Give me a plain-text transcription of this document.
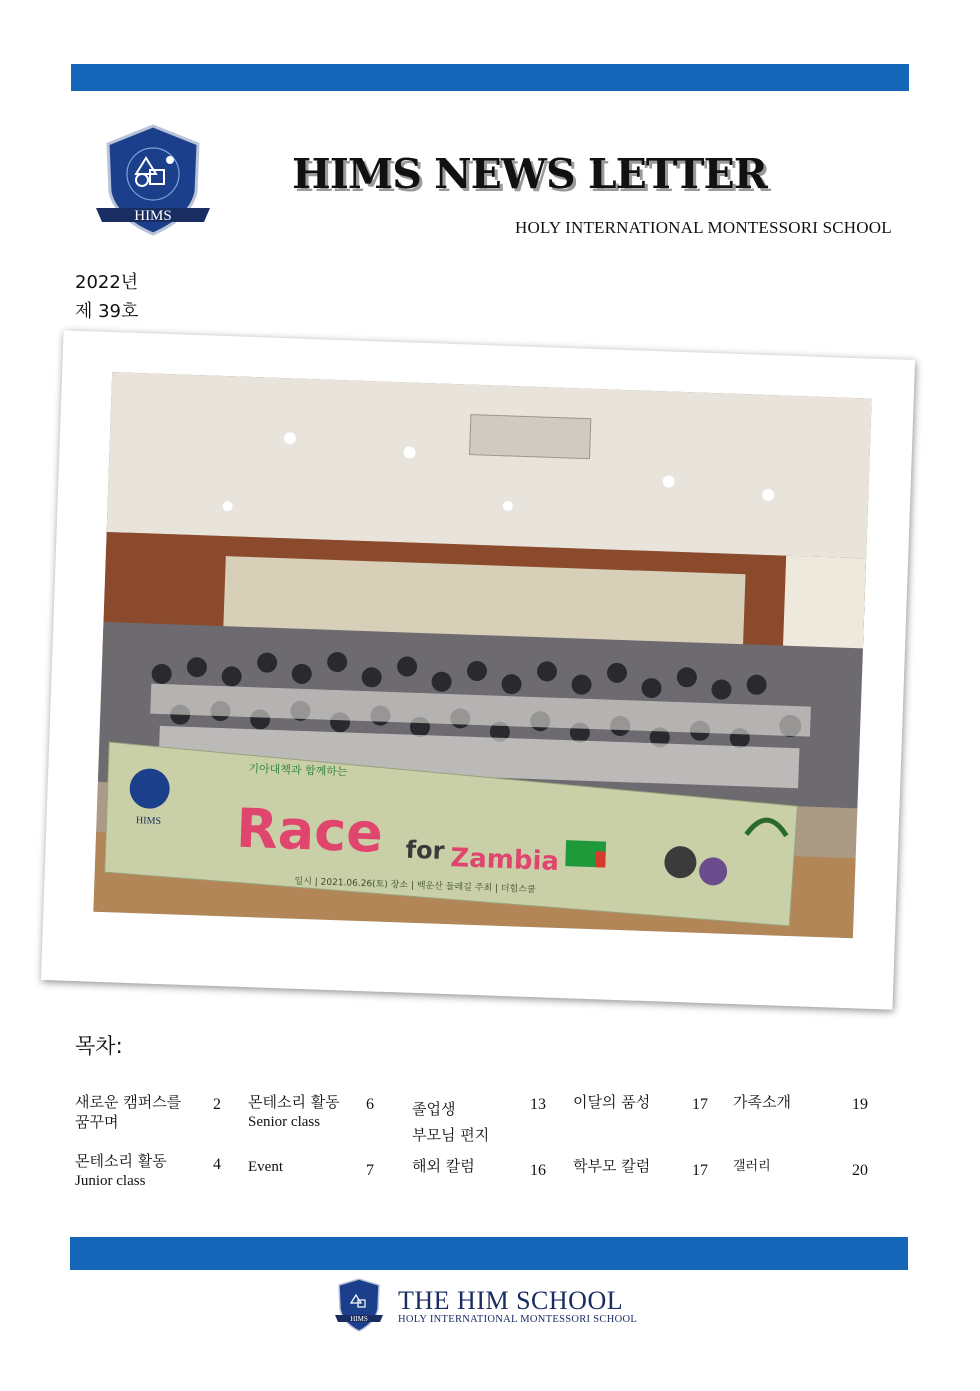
HIMS
HIMS NEWS LETTER
HOLY INTERNATIONAL MONTESSORI SCHOOL
2022년
제 39호
HIMS
기아대책과 함께하는
Race for Zambia
일시 | 2021.06.26(토) 장소 | 백운산 둘레길 주최 | 더힘스쿨
목차:
새로운 캠퍼스를 꿈꾸며
2 몬테소리 활동
Senior class
6	졸업생
부모님 편지
13 이달의 품성	17 가족소개	19
몬테소리 활동
Junior class
4 Event	7	해외 칼럼	16 학부모 칼럼	17 갤러리	20
HIMS
THE HIM SCHOOL
HOLY INTERNATIONAL MONTESSORI SCHOOL
